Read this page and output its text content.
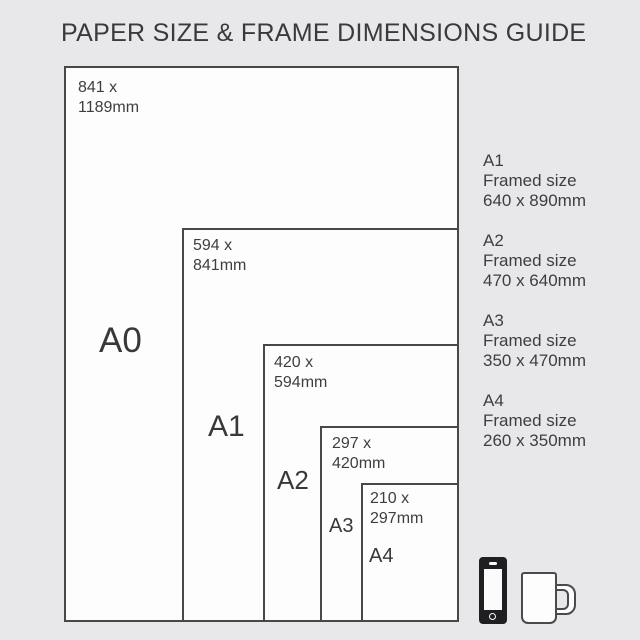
PAPER SIZE & FRAME DIMENSIONS GUIDE
841 x
1189mm
A0
594 x
841mm
A1
420 x
594mm
A2
297 x
420mm
A3
210 x
297mm
A4
A1
Framed size
640 x 890mm
A2
Framed size
470 x 640mm
A3
Framed size
350 x 470mm
A4
Framed size
260 x 350mm
